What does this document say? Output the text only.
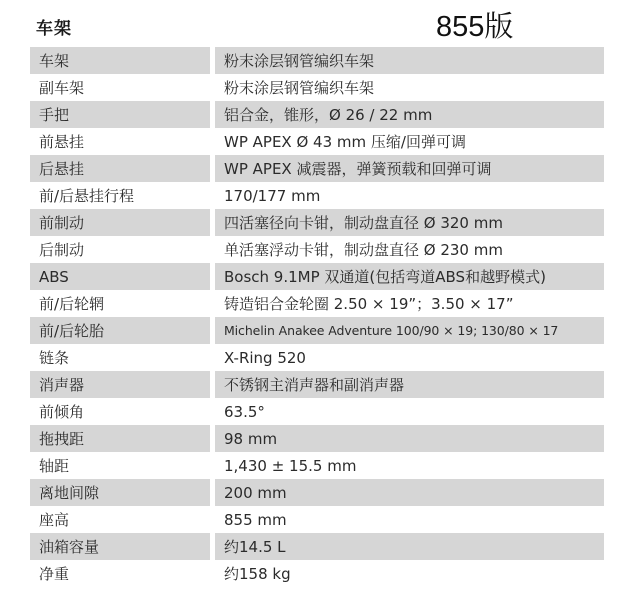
车架	855版
车架	粉末涂层钢管编织车架
副车架	粉末涂层钢管编织车架
手把	铝合金，锥形，Ø 26 / 22 mm
前悬挂	WP APEX Ø 43 mm 压缩/回弹可调
后悬挂	WP APEX 减震器，弹簧预载和回弹可调
前/后悬挂行程	170/177 mm
前制动	四活塞径向卡钳，制动盘直径 Ø 320 mm
后制动	单活塞浮动卡钳，制动盘直径 Ø 230 mm
ABS	Bosch 9.1MP 双通道(包括弯道ABS和越野模式)
前/后轮辋	铸造铝合金轮圈 2.50 × 19”；3.50 × 17”
前/后轮胎	Michelin Anakee Adventure 100/90 × 19; 130/80 × 17
链条	X-Ring 520
消声器	不锈钢主消声器和副消声器
前倾角	63.5°
拖拽距	98 mm
轴距	1,430 ± 15.5 mm
离地间隙	200 mm
座高	855 mm
油箱容量	约14.5 L
净重	约158 kg
